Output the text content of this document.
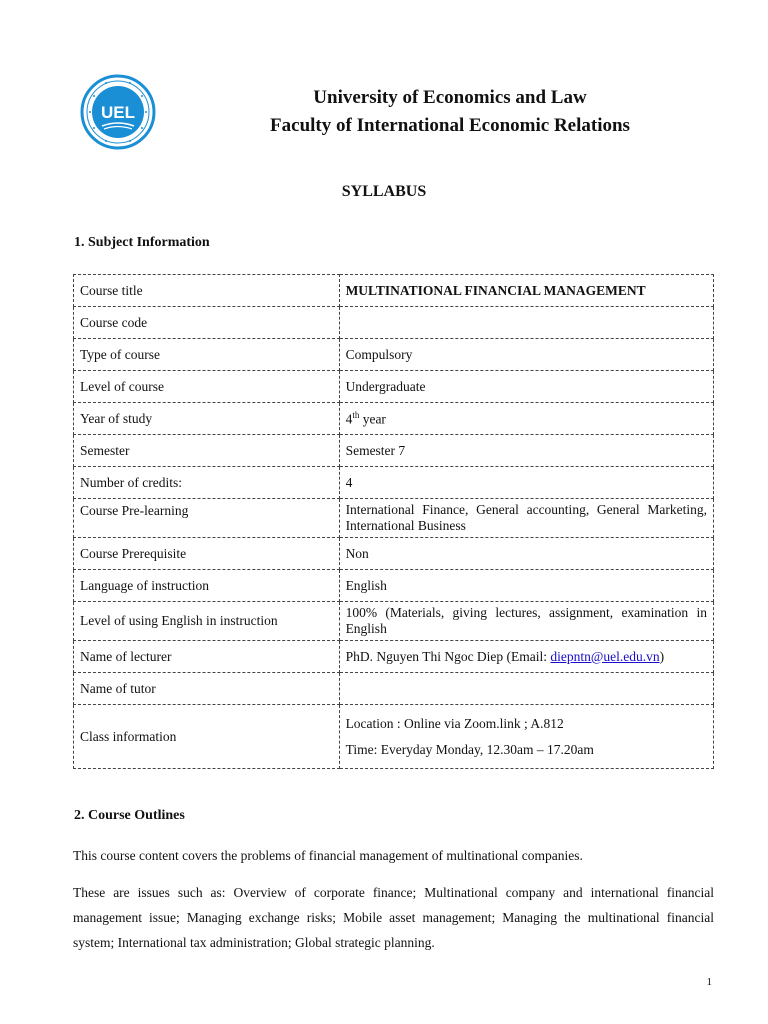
UEL
University of Economics and Law
Faculty of International Economic Relations
SYLLABUS
1. Subject Information
Course title	MULTINATIONAL FINANCIAL MANAGEMENT
Course code	
Type of course	Compulsory
Level of course	Undergraduate
Year of study	4th year
Semester	Semester 7
Number of credits:	4
Course Pre-learning	International Finance, General accounting, General Marketing, International Business
Course Prerequisite	Non
Language of instruction	English
Level of using English in instruction	100% (Materials, giving lectures, assignment, examination in English
Name of lecturer	PhD. Nguyen Thi Ngoc Diep (Email: diepntn@uel.edu.vn)
Name of tutor	
Class information	Location : Online via Zoom.link ; A.812
Time: Everyday Monday, 12.30am – 17.20am
2. Course Outlines
This course content covers the problems of financial management of multinational companies.
These are issues such as: Overview of corporate finance; Multinational company and international financial management issue; Managing exchange risks; Mobile asset management; Managing the multinational financial system; International tax administration; Global strategic planning.
1
